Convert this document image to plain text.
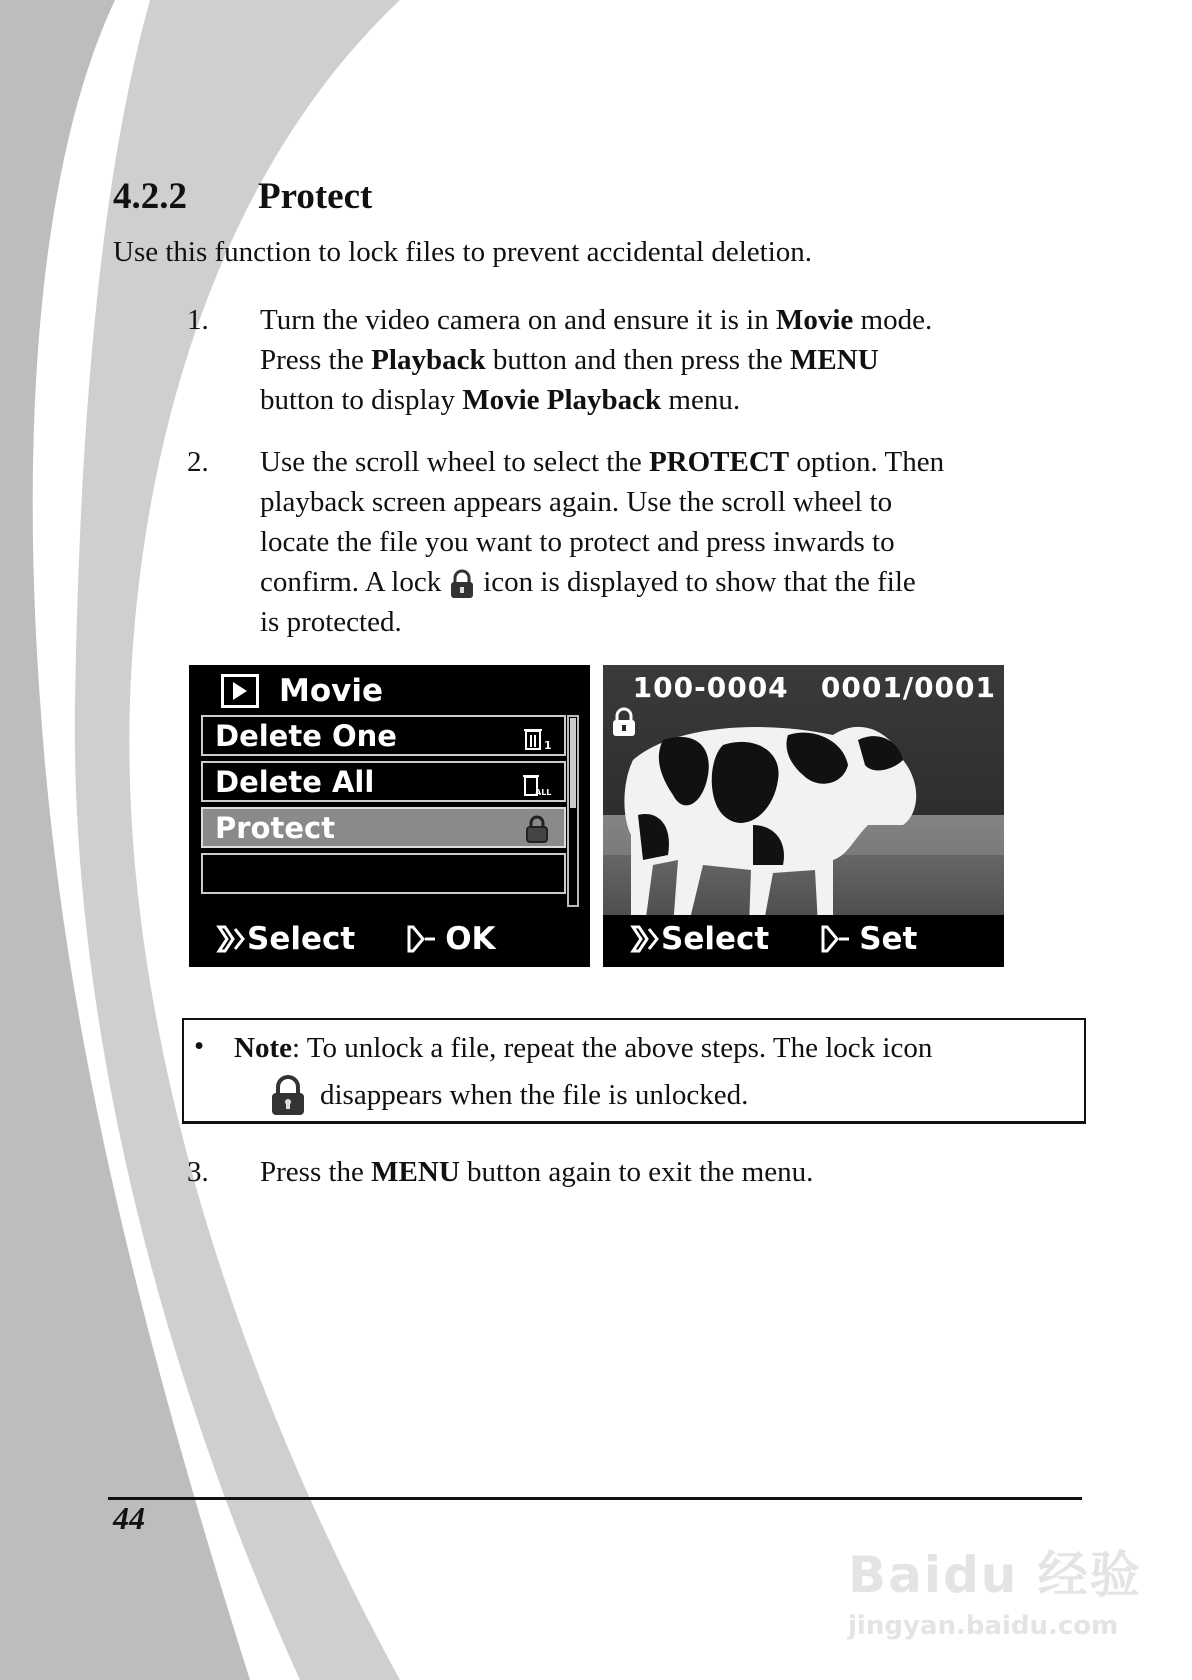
4.2.2 Protect
Use this function to lock files to prevent accidental deletion.
1. Turn the video camera on and ensure it is in Movie mode.
Press the Playback button and then press the MENU
button to display Movie Playback menu.
2. Use the scroll wheel to select the PROTECT option. Then
playback screen appears again. Use the scroll wheel to
locate the file you want to protect and press inwards to
confirm. A lock icon is displayed to show that the file
is protected.
Movie
Delete One	1
Delete All	ALL
Protect
Select	OK
100-0004 0001/0001
Select	Set
• Note: To unlock a file, repeat the above steps. The lock icon
disappears when the file is unlocked.
3. Press the MENU button again to exit the menu.
44
Baidu 经验
jingyan.baidu.com
